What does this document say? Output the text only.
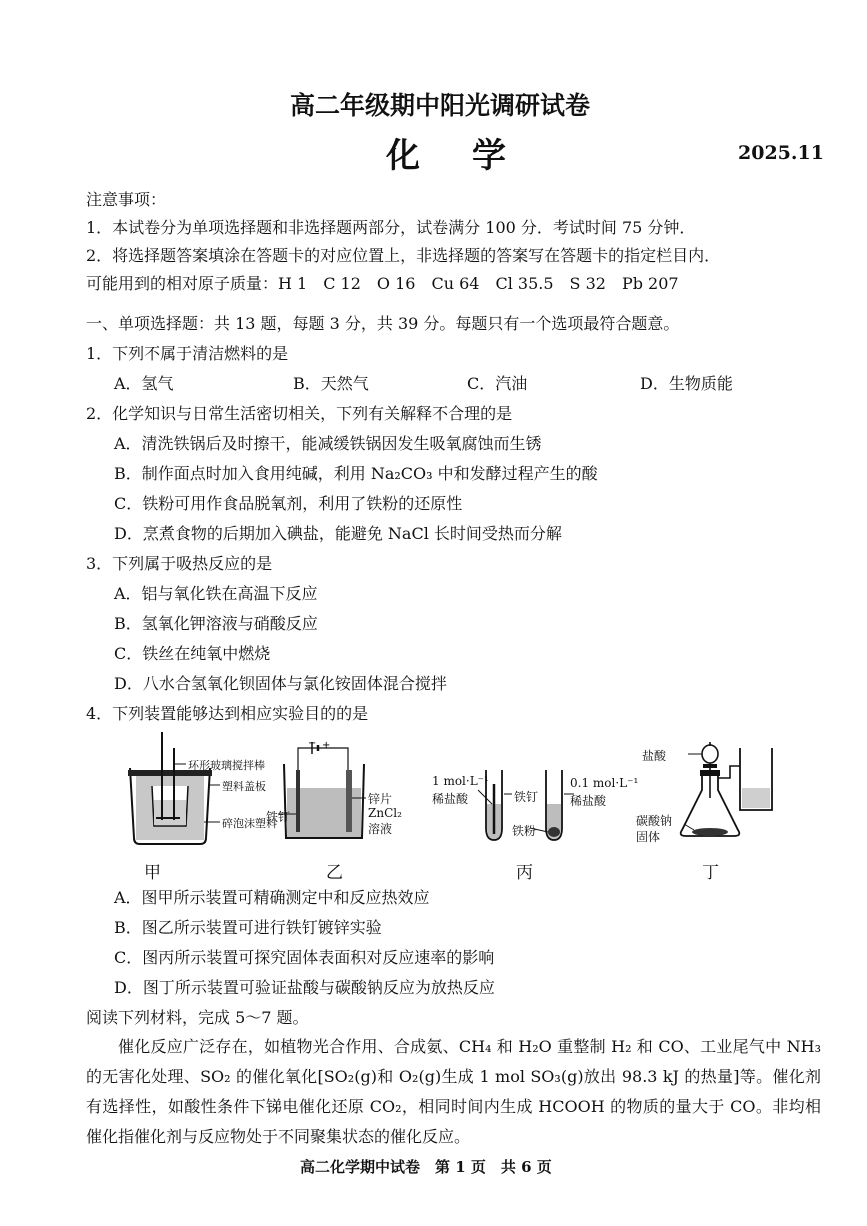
高二年级期中阳光调研试卷
化学	2025.11
注意事项：
1．本试卷分为单项选择题和非选择题两部分，试卷满分 100 分．考试时间 75 分钟．
2．将选择题答案填涂在答题卡的对应位置上，非选择题的答案写在答题卡的指定栏目内．
可能用到的相对原子质量：H 1　C 12　O 16　Cu 64　Cl 35.5　S 32　Pb 207
一、单项选择题：共 13 题，每题 3 分，共 39 分。每题只有一个选项最符合题意。
1．下列不属于清洁燃料的是
A．氢气	B．天然气	C．汽油	D．生物质能
2．化学知识与日常生活密切相关，下列有关解释不合理的是
A．清洗铁锅后及时擦干，能减缓铁锅因发生吸氧腐蚀而生锈
B．制作面点时加入食用纯碱，利用 Na₂CO₃ 中和发酵过程产生的酸
C．铁粉可用作食品脱氧剂，利用了铁粉的还原性
D．烹煮食物的后期加入碘盐，能避免 NaCl 长时间受热而分解
3．下列属于吸热反应的是
A．铝与氧化铁在高温下反应
B．氢氧化钾溶液与硝酸反应
C．铁丝在纯氧中燃烧
D．八水合氢氧化钡固体与氯化铵固体混合搅拌
4．下列装置能够达到相应实验目的的是
环形玻璃搅拌棒
塑料盖板
碎泡沫塑料
甲
− +
铁钉
锌片
ZnCl₂
溶液
乙
1 mol·L⁻¹
稀盐酸	铁钉
铁粉
0.1 mol·L⁻¹
稀盐酸
丙
盐酸
碳酸钠
固体
丁
A．图甲所示装置可精确测定中和反应热效应
B．图乙所示装置可进行铁钉镀锌实验
C．图丙所示装置可探究固体表面积对反应速率的影响
D．图丁所示装置可验证盐酸与碳酸钠反应为放热反应
阅读下列材料，完成 5～7 题。
催化反应广泛存在，如植物光合作用、合成氨、CH₄ 和 H₂O 重整制 H₂ 和 CO、工业尾气中 NH₃ 的无害化处理、SO₂ 的催化氧化[SO₂(g)和 O₂(g)生成 1 mol SO₃(g)放出 98.3 kJ 的热量]等。催化剂有选择性，如酸性条件下锑电催化还原 CO₂，相同时间内生成 HCOOH 的物质的量大于 CO。非均相催化指催化剂与反应物处于不同聚集状态的催化反应。
高二化学期中试卷　第 1 页　共 6 页
